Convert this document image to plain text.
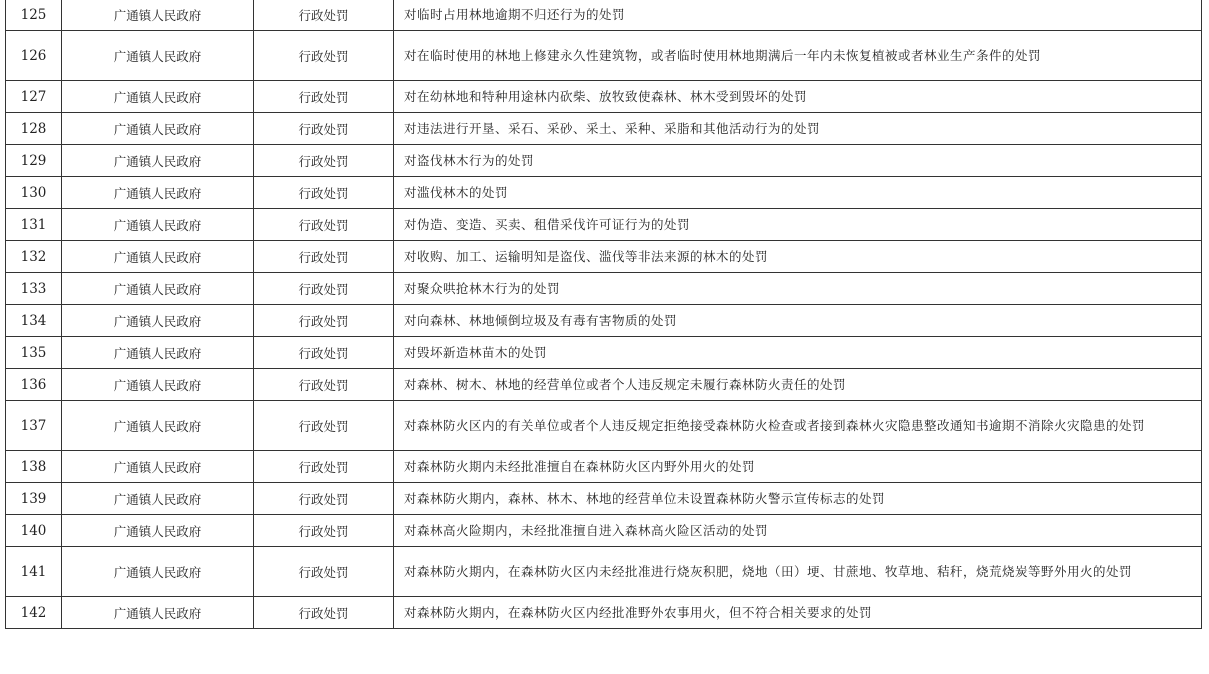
125	广通镇人民政府	行政处罚	对临时占用林地逾期不归还行为的处罚
126	广通镇人民政府	行政处罚	对在临时使用的林地上修建永久性建筑物，或者临时使用林地期满后一年内未恢复植被或者林业生产条件的处罚
127	广通镇人民政府	行政处罚	对在幼林地和特种用途林内砍柴、放牧致使森林、林木受到毁坏的处罚
128	广通镇人民政府	行政处罚	对违法进行开垦、采石、采砂、采土、采种、采脂和其他活动行为的处罚
129	广通镇人民政府	行政处罚	对盗伐林木行为的处罚
130	广通镇人民政府	行政处罚	对滥伐林木的处罚
131	广通镇人民政府	行政处罚	对伪造、变造、买卖、租借采伐许可证行为的处罚
132	广通镇人民政府	行政处罚	对收购、加工、运输明知是盗伐、滥伐等非法来源的林木的处罚
133	广通镇人民政府	行政处罚	对聚众哄抢林木行为的处罚
134	广通镇人民政府	行政处罚	对向森林、林地倾倒垃圾及有毒有害物质的处罚
135	广通镇人民政府	行政处罚	对毁坏新造林苗木的处罚
136	广通镇人民政府	行政处罚	对森林、树木、林地的经营单位或者个人违反规定未履行森林防火责任的处罚
137	广通镇人民政府	行政处罚	对森林防火区内的有关单位或者个人违反规定拒绝接受森林防火检查或者接到森林火灾隐患整改通知书逾期不消除火灾隐患的处罚
138	广通镇人民政府	行政处罚	对森林防火期内未经批准擅自在森林防火区内野外用火的处罚
139	广通镇人民政府	行政处罚	对森林防火期内，森林、林木、林地的经营单位未设置森林防火警示宣传标志的处罚
140	广通镇人民政府	行政处罚	对森林高火险期内，未经批准擅自进入森林高火险区活动的处罚
141	广通镇人民政府	行政处罚	对森林防火期内，在森林防火区内未经批准进行烧灰积肥，烧地（田）埂、甘蔗地、牧草地、秸秆，烧荒烧炭等野外用火的处罚
142	广通镇人民政府	行政处罚	对森林防火期内，在森林防火区内经批准野外农事用火，但不符合相关要求的处罚
